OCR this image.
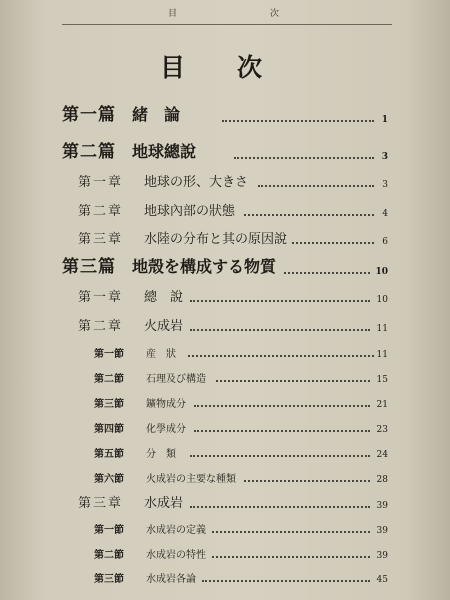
目	次
目次
第一篇 緒　論	1
第二篇 地球總說	3
第一章 地球の形、大きさ	3
第二章 地球內部の狀態	4
第三章 水陸の分布と其の原因說	6
第三篇 地殼を構成する物質	10
第一章 總　說	10
第二章 火成岩	11
第一節 産　狀	11
第二節 石理及び構造	15
第三節 鑛物成分	21
第四節 化學成分	23
第五節 分　類	24
第六節 火成岩の主要な種類	28
第三章 水成岩	39
第一節 水成岩の定義	39
第二節 水成岩の特性	39
第三節 水成岩各論	45
